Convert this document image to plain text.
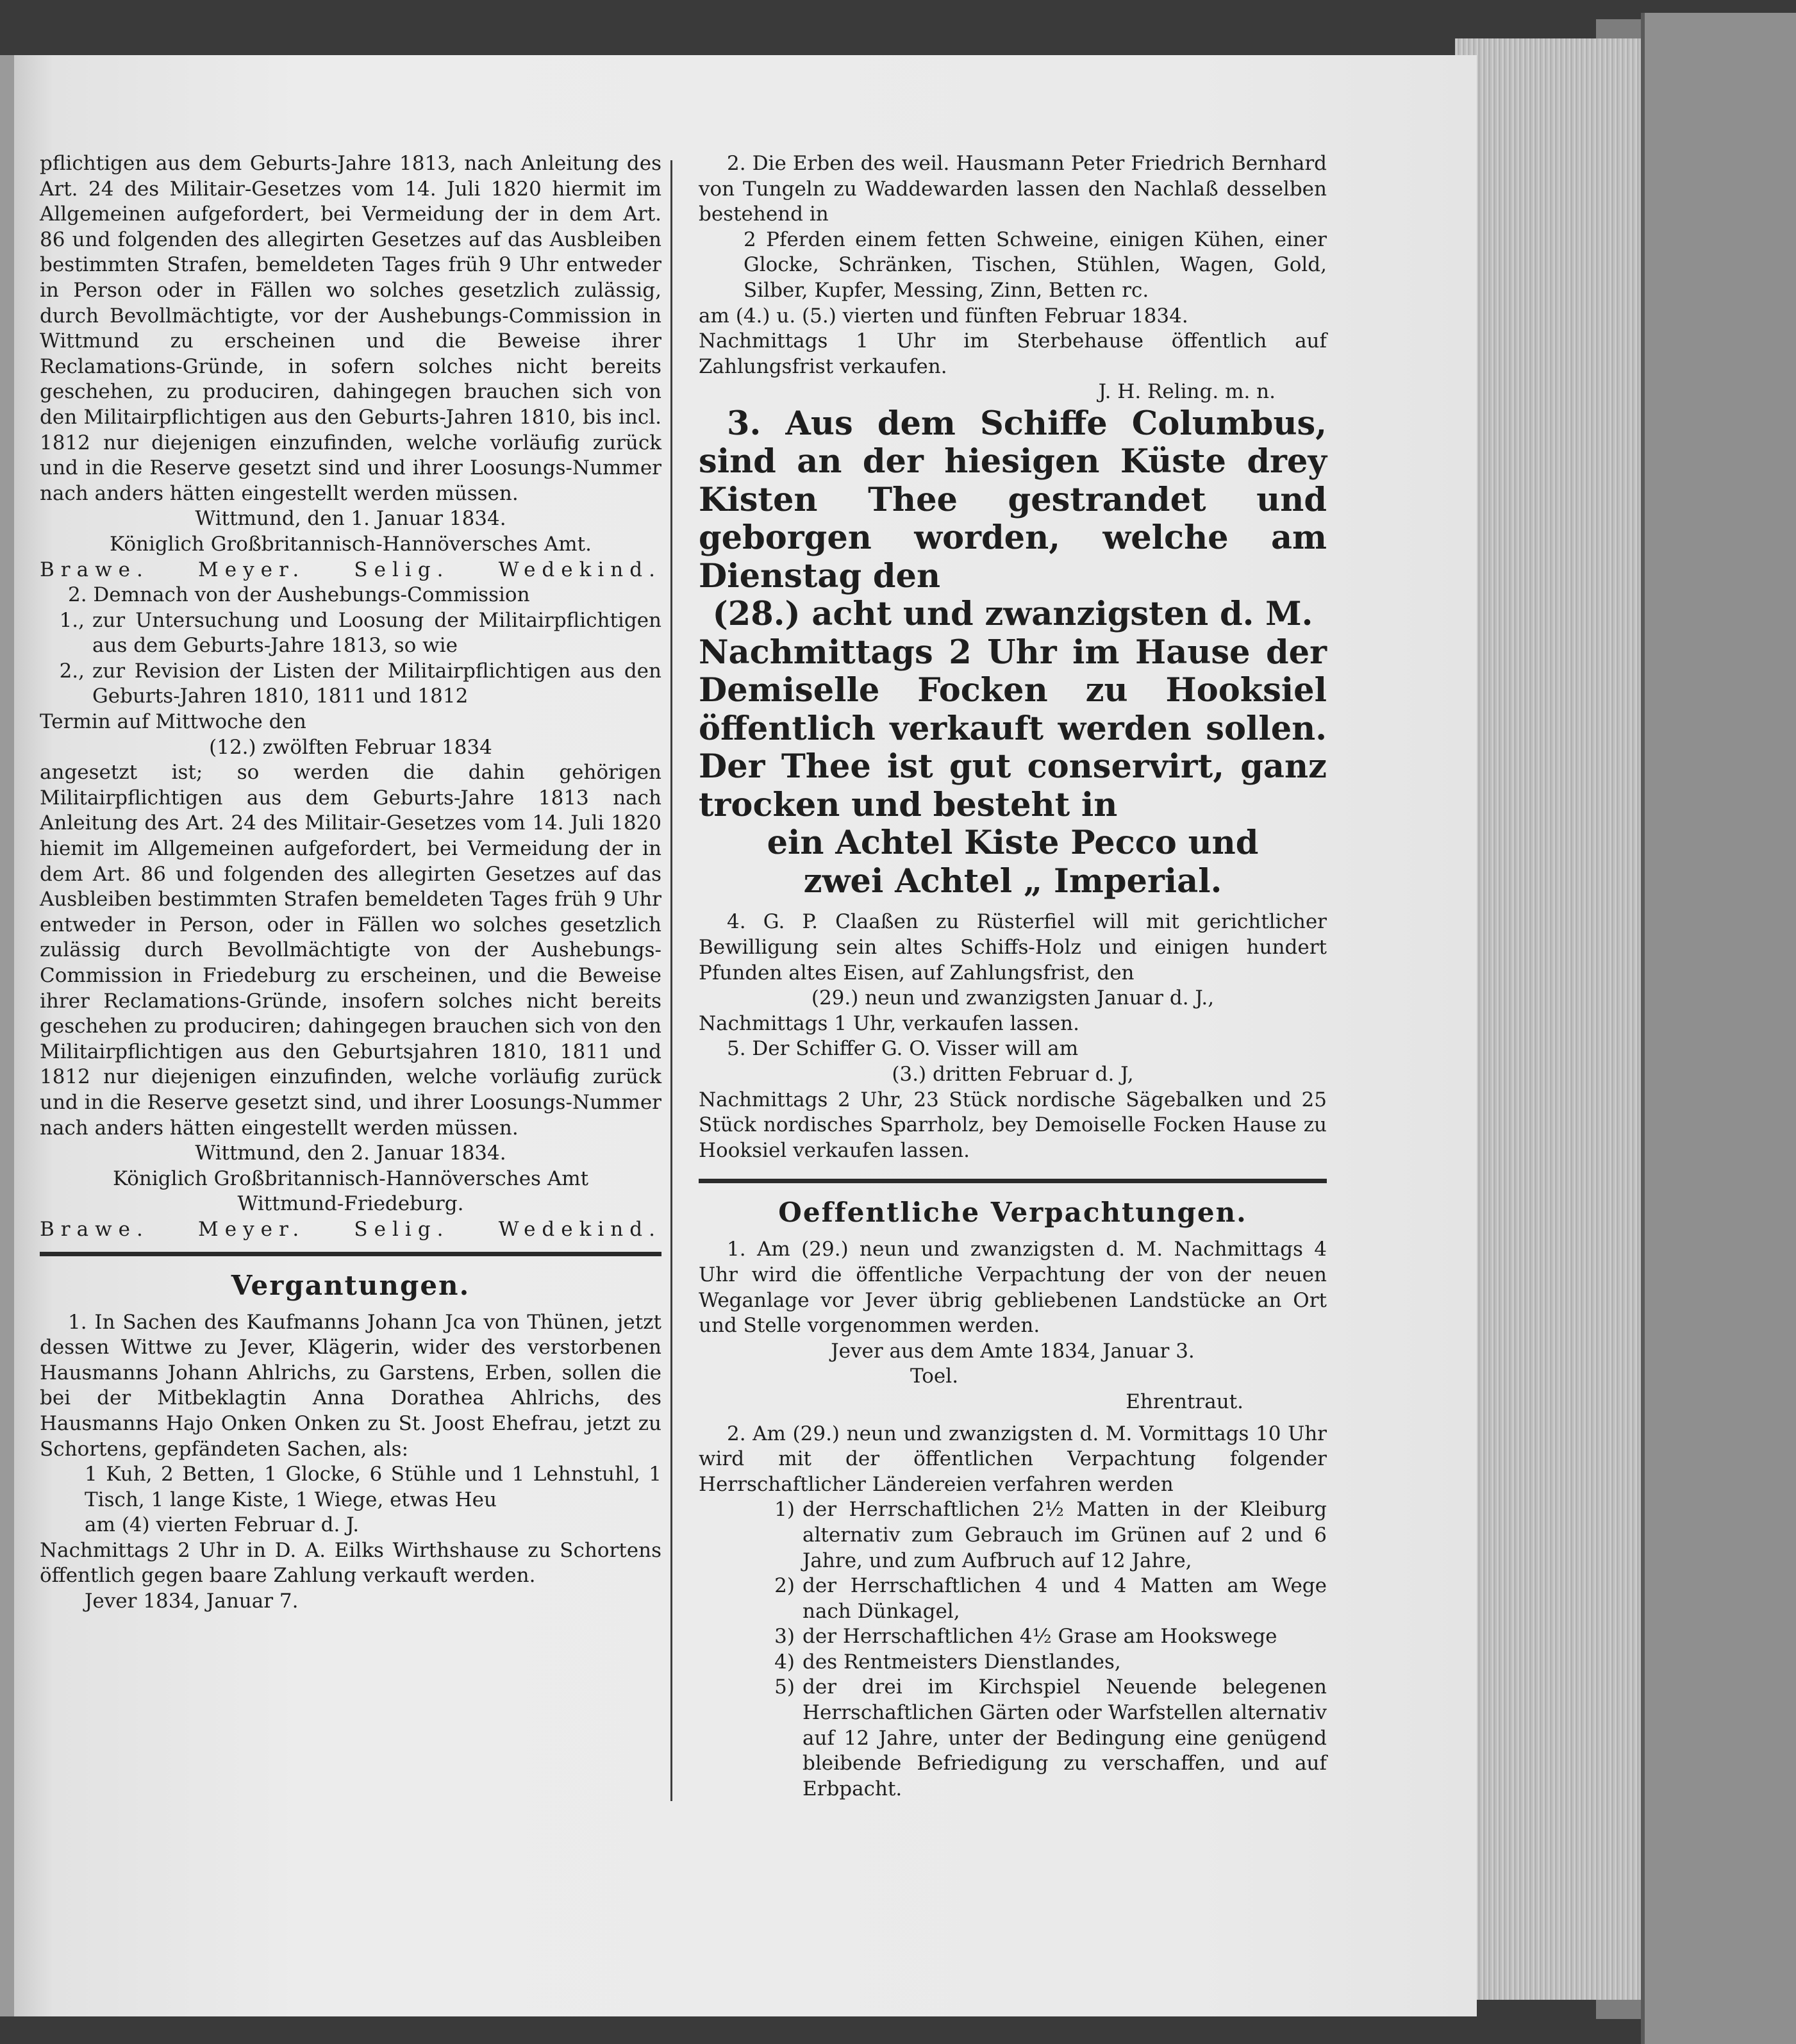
pflichtigen aus dem Geburts-Jahre 1813, nach Anleitung des Art. 24 des Militair-Gesetzes vom 14. Juli 1820 hiermit im Allgemeinen aufgefordert, bei Vermeidung der in dem Art. 86 und folgenden des allegirten Gesetzes auf das Ausbleiben bestimmten Strafen, bemeldeten Tages früh 9 Uhr entweder in Person oder in Fällen wo solches gesetzlich zulässig, durch Bevollmächtigte, vor der Aushebungs-Commission in Wittmund zu erscheinen und die Beweise ihrer Reclamations-Gründe, in sofern solches nicht bereits geschehen, zu produciren, dahingegen brauchen sich von den Militairpflichtigen aus den Geburts-Jahren 1810, bis incl. 1812 nur diejenigen einzufinden, welche vorläufig zurück und in die Reserve gesetzt sind und ihrer Loosungs-Nummer nach anders hätten eingestellt werden müssen.

Wittmund, den 1. Januar 1834.

Königlich Großbritannisch-Hannöversches Amt.

Brawe. Meyer. Selig. Wedekind.

2. Demnach von der Aushebungs-Commission

1., zur Untersuchung und Loosung der Militairpflichtigen aus dem Geburts-Jahre 1813, so wie
2., zur Revision der Listen der Militairpflichtigen aus den Geburts-Jahren 1810, 1811 und 1812

Termin auf Mittwoche den

(12.) zwölften Februar 1834

angesetzt ist; so werden die dahin gehörigen Militairpflichtigen aus dem Geburts-Jahre 1813 nach Anleitung des Art. 24 des Militair-Gesetzes vom 14. Juli 1820 hiemit im Allgemeinen aufgefordert, bei Vermeidung der in dem Art. 86 und folgenden des allegirten Gesetzes auf das Ausbleiben bestimmten Strafen bemeldeten Tages früh 9 Uhr entweder in Person, oder in Fällen wo solches gesetzlich zulässig durch Bevollmächtigte von der Aushebungs-Commission in Friedeburg zu erscheinen, und die Beweise ihrer Reclamations-Gründe, insofern solches nicht bereits geschehen zu produciren; dahingegen brauchen sich von den Militairpflichtigen aus den Geburtsjahren 1810, 1811 und 1812 nur diejenigen einzufinden, welche vorläufig zurück und in die Reserve gesetzt sind, und ihrer Loosungs-Nummer nach anders hätten eingestellt werden müssen.

Wittmund, den 2. Januar 1834.

Königlich Großbritannisch-Hannöversches Amt

Wittmund-Friedeburg.

Brawe. Meyer. Selig. Wedekind.
Vergantungen.

1. In Sachen des Kaufmanns Johann Jca von Thünen, jetzt dessen Wittwe zu Jever, Klägerin, wider des verstorbenen Hausmanns Johann Ahlrichs, zu Garstens, Erben, sollen die bei der Mitbeklagtin Anna Dorathea Ahlrichs, des Hausmanns Hajo Onken Onken zu St. Joost Ehefrau, jetzt zu Schortens, gepfändeten Sachen, als:

1 Kuh, 2 Betten, 1 Glocke, 6 Stühle und 1 Lehnstuhl, 1 Tisch, 1 lange Kiste, 1 Wiege, etwas Heu

am (4) vierten Februar d. J.

Nachmittags 2 Uhr in D. A. Eilks Wirthshause zu Schortens öffentlich gegen baare Zahlung verkauft werden.

Jever 1834, Januar 7.

2. Die Erben des weil. Hausmann Peter Friedrich Bernhard von Tungeln zu Waddewarden lassen den Nachlaß desselben bestehend in

2 Pferden einem fetten Schweine, einigen Kühen, einer Glocke, Schränken, Tischen, Stühlen, Wagen, Gold, Silber, Kupfer, Messing, Zinn, Betten rc.

am (4.) u. (5.) vierten und fünften Februar 1834.

Nachmittags 1 Uhr im Sterbehause öffentlich auf Zahlungsfrist verkaufen.

J. H. Reling. m. n.

3. Aus dem Schiffe Columbus, sind an der hiesigen Küste drey Kisten Thee gestrandet und geborgen worden, welche am Dienstag den

(28.) acht und zwanzigsten d. M.

Nachmittags 2 Uhr im Hause der Demiselle Focken zu Hooksiel öffentlich verkauft werden sollen. Der Thee ist gut conservirt, ganz trocken und besteht in

ein Achtel Kiste Pecco und

zwei Achtel „ Imperial.

4. G. P. Claaßen zu Rüsterfiel will mit gerichtlicher Bewilligung sein altes Schiffs-Holz und einigen hundert Pfunden altes Eisen, auf Zahlungsfrist, den

(29.) neun und zwanzigsten Januar d. J.,

Nachmittags 1 Uhr, verkaufen lassen.

5. Der Schiffer G. O. Visser will am

(3.) dritten Februar d. J,

Nachmittags 2 Uhr, 23 Stück nordische Sägebalken und 25 Stück nordisches Sparrholz, bey Demoiselle Focken Hause zu Hooksiel verkaufen lassen.

Oeffentliche Verpachtungen.

1. Am (29.) neun und zwanzigsten d. M. Nachmittags 4 Uhr wird die öffentliche Verpachtung der von der neuen Weganlage vor Jever übrig gebliebenen Landstücke an Ort und Stelle vorgenommen werden.

Jever aus dem Amte 1834, Januar 3.

Toel.

Ehrentraut.

2. Am (29.) neun und zwanzigsten d. M. Vormittags 10 Uhr wird mit der öffentlichen Verpachtung folgender Herrschaftlicher Ländereien verfahren werden

1) der Herrschaftlichen 2½ Matten in der Kleiburg alternativ zum Gebrauch im Grünen auf 2 und 6 Jahre, und zum Aufbruch auf 12 Jahre,
2) der Herrschaftlichen 4 und 4 Matten am Wege nach Dünkagel,
3) der Herrschaftlichen 4½ Grase am Hookswege
4) des Rentmeisters Dienstlandes,
5) der drei im Kirchspiel Neuende belegenen Herrschaftlichen Gärten oder Warfstellen alternativ auf 12 Jahre, unter der Bedingung eine genügend bleibende Befriedigung zu verschaffen, und auf Erbpacht.
